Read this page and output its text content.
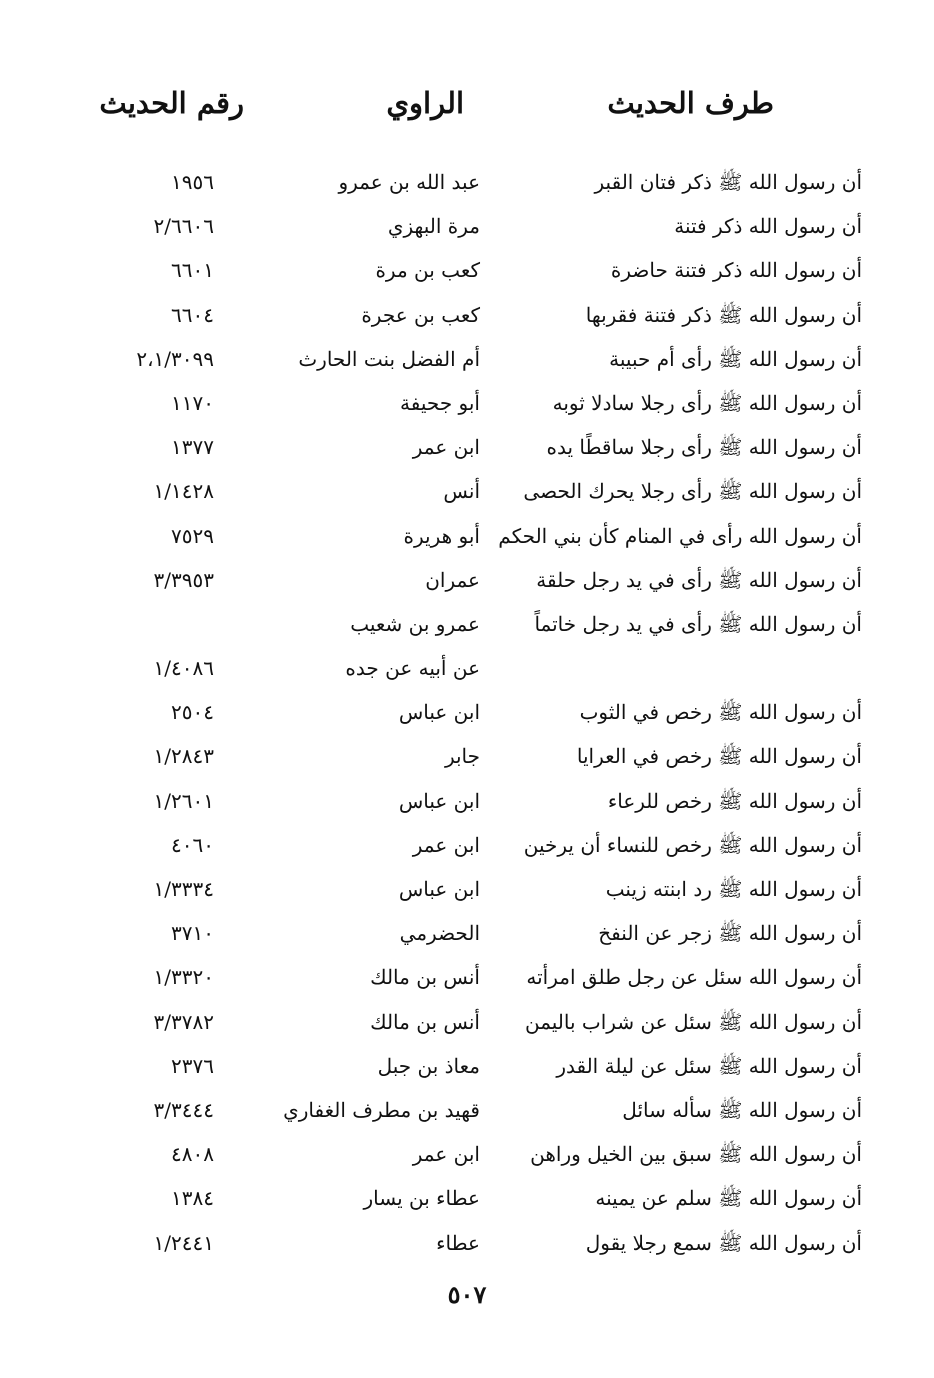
طرف الحديث
الراوي
رقم الحديث
أن رسول الله ﷺ ذكر فتان القبر
عبد الله بن عمرو
١٩٥٦
أن رسول الله ذكر فتنة
مرة البهزي
٢/٦٦٠٦
أن رسول الله ذكر فتنة حاضرة
كعب بن مرة
٦٦٠١
أن رسول الله ﷺ ذكر فتنة فقربها
كعب بن عجرة
٦٦٠٤
أن رسول الله ﷺ رأى أم حبيبة
أم الفضل بنت الحارث
٢،١/٣٠٩٩
أن رسول الله ﷺ رأى رجلا سادلا ثوبه
أبو جحيفة
١١٧٠
أن رسول الله ﷺ رأى رجلا ساقطًا يده
ابن عمر
١٣٧٧
أن رسول الله ﷺ رأى رجلا يحرك الحصى
أنس
١/١٤٢٨
أن رسول الله رأى في المنام كأن بني الحكم
أبو هريرة
٧٥٢٩
أن رسول الله ﷺ رأى في يد رجل حلقة
عمران
٣/٣٩٥٣
أن رسول الله ﷺ رأى في يد رجل خاتماً
عمرو بن شعيب
عن أبيه عن جده
١/٤٠٨٦
أن رسول الله ﷺ رخص في الثوب
ابن عباس
٢٥٠٤
أن رسول الله ﷺ رخص في العرايا
جابر
١/٢٨٤٣
أن رسول الله ﷺ رخص للرعاء
ابن عباس
١/٢٦٠١
أن رسول الله ﷺ رخص للنساء أن يرخين
ابن عمر
٤٠٦٠
أن رسول الله ﷺ رد ابنته زينب
ابن عباس
١/٣٣٣٤
أن رسول الله ﷺ زجر عن النفخ
الحضرمي
٣٧١٠
أن رسول الله سئل عن رجل طلق امرأته
أنس بن مالك
١/٣٣٢٠
أن رسول الله ﷺ سئل عن شراب باليمن
أنس بن مالك
٣/٣٧٨٢
أن رسول الله ﷺ سئل عن ليلة القدر
معاذ بن جبل
٢٣٧٦
أن رسول الله ﷺ سأله سائل
قهيد بن مطرف الغفاري
٣/٣٤٤٤
أن رسول الله ﷺ سبق بين الخيل وراهن
ابن عمر
٤٨٠٨
أن رسول الله ﷺ سلم عن يمينه
عطاء بن يسار
١٣٨٤
أن رسول الله ﷺ سمع رجلا يقول
عطاء
١/٢٤٤١
٥٠٧
